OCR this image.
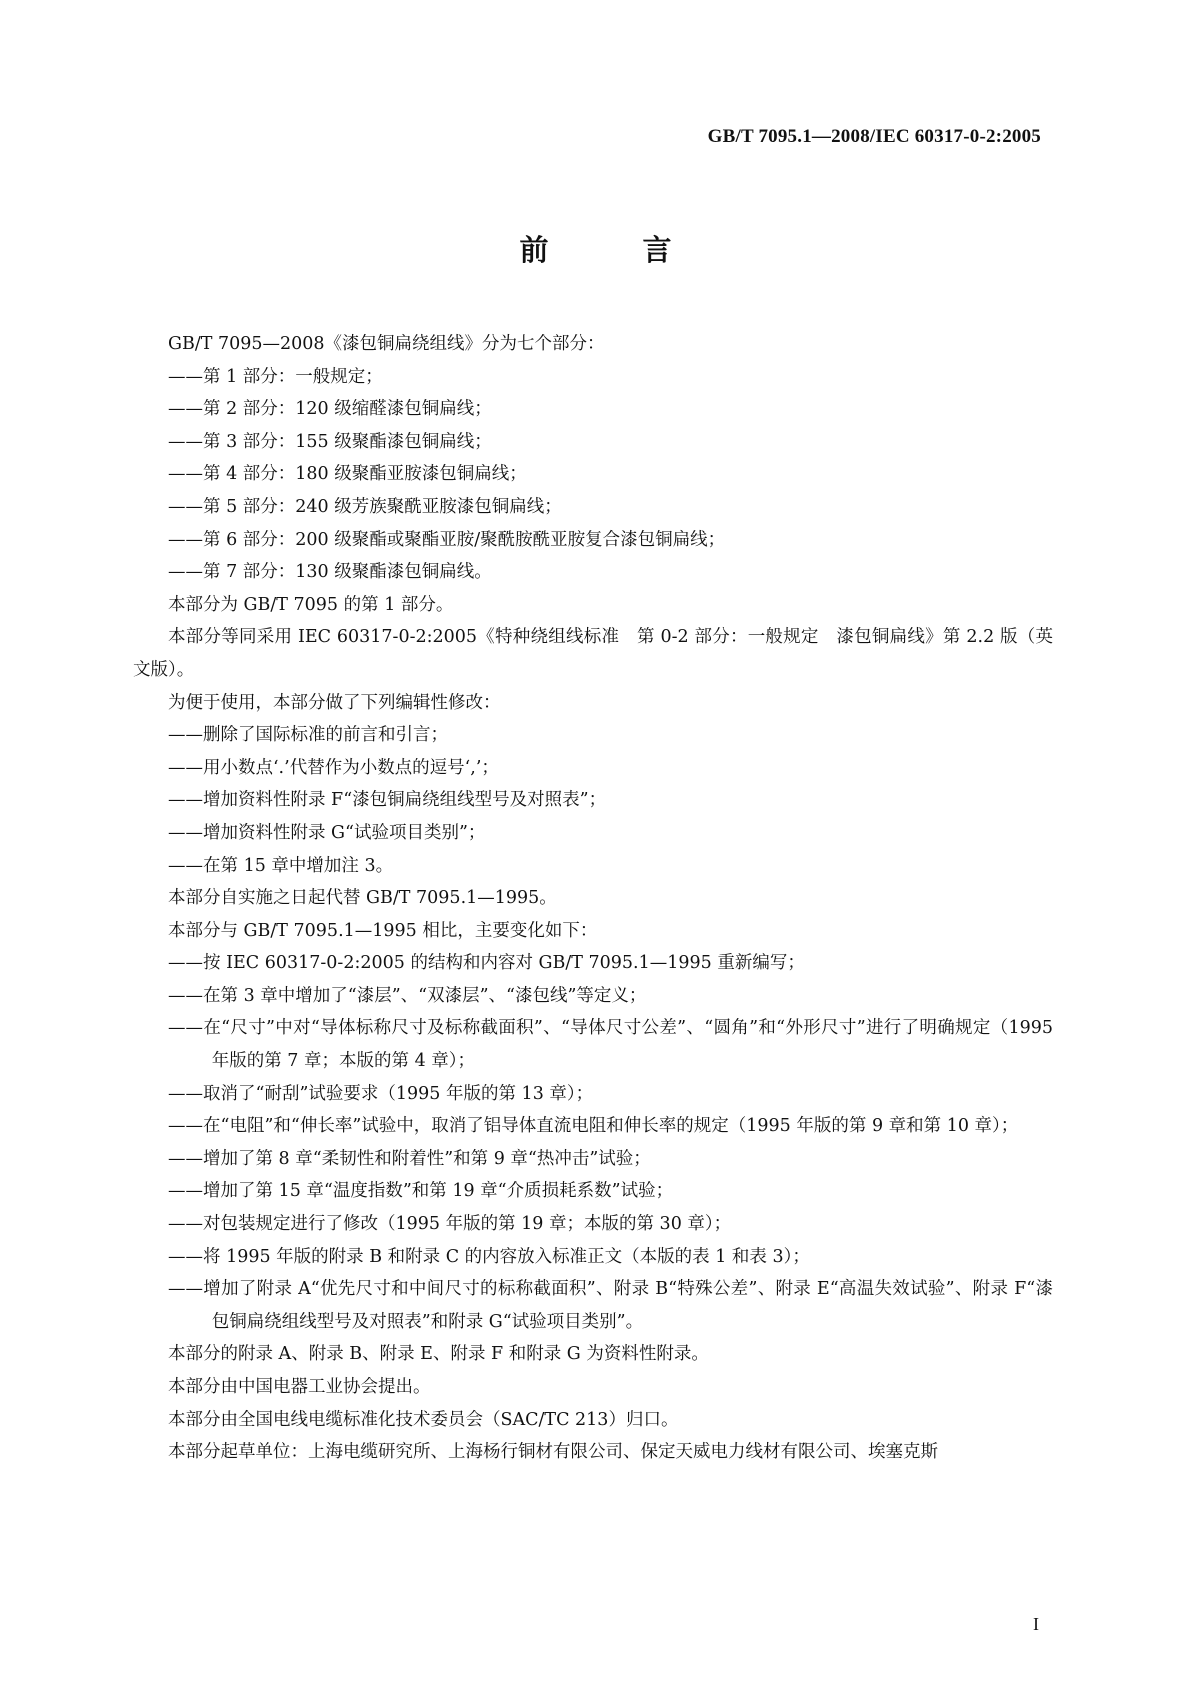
GB/T 7095.1—2008/IEC 60317-0-2:2005
前 言

GB/T 7095—2008《漆包铜扁绕组线》分为七个部分：

——第 1 部分：一般规定；

——第 2 部分：120 级缩醛漆包铜扁线；

——第 3 部分：155 级聚酯漆包铜扁线；

——第 4 部分：180 级聚酯亚胺漆包铜扁线；

——第 5 部分：240 级芳族聚酰亚胺漆包铜扁线；

——第 6 部分：200 级聚酯或聚酯亚胺/聚酰胺酰亚胺复合漆包铜扁线；

——第 7 部分：130 级聚酯漆包铜扁线。

本部分为 GB/T 7095 的第 1 部分。

本部分等同采用 IEC 60317-0-2:2005《特种绕组线标准　第 0-2 部分：一般规定　漆包铜扁线》第 2.2 版（英文版）。

为便于使用，本部分做了下列编辑性修改：

——删除了国际标准的前言和引言；

——用小数点‘.’代替作为小数点的逗号‘,’；

——增加资料性附录 F“漆包铜扁绕组线型号及对照表”；

——增加资料性附录 G“试验项目类别”；

——在第 15 章中增加注 3。

本部分自实施之日起代替 GB/T 7095.1—1995。

本部分与 GB/T 7095.1—1995 相比，主要变化如下：

——按 IEC 60317-0-2:2005 的结构和内容对 GB/T 7095.1—1995 重新编写；

——在第 3 章中增加了“漆层”、“双漆层”、“漆包线”等定义；

——在“尺寸”中对“导体标称尺寸及标称截面积”、“导体尺寸公差”、“圆角”和“外形尺寸”进行了明确规定（1995 年版的第 7 章；本版的第 4 章）；

——取消了“耐刮”试验要求（1995 年版的第 13 章）；

——在“电阻”和“伸长率”试验中，取消了铝导体直流电阻和伸长率的规定（1995 年版的第 9 章和第 10 章）；

——增加了第 8 章“柔韧性和附着性”和第 9 章“热冲击”试验；

——增加了第 15 章“温度指数”和第 19 章“介质损耗系数”试验；

——对包装规定进行了修改（1995 年版的第 19 章；本版的第 30 章）；

——将 1995 年版的附录 B 和附录 C 的内容放入标准正文（本版的表 1 和表 3）；

——增加了附录 A“优先尺寸和中间尺寸的标称截面积”、附录 B“特殊公差”、附录 E“高温失效试验”、附录 F“漆包铜扁绕组线型号及对照表”和附录 G“试验项目类别”。

本部分的附录 A、附录 B、附录 E、附录 F 和附录 G 为资料性附录。

本部分由中国电器工业协会提出。

本部分由全国电线电缆标准化技术委员会（SAC/TC 213）归口。

本部分起草单位：上海电缆研究所、上海杨行铜材有限公司、保定天威电力线材有限公司、埃塞克斯

I
